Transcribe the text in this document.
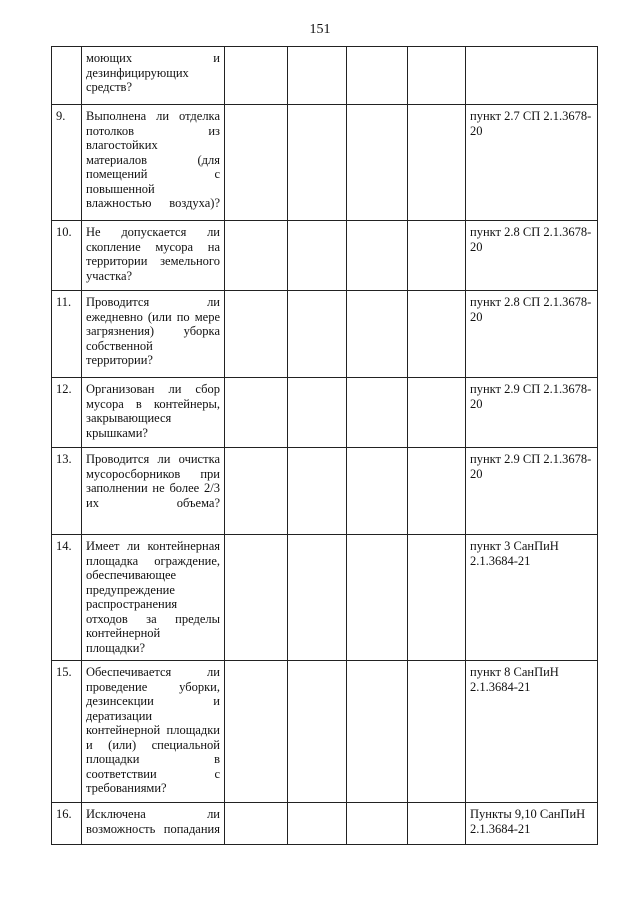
151
	моющих и дезинфицирующих средств?					
9.	Выполнена ли отделка потолков из влагостойких материалов (для помещений с повышенной влажностью воздуха)?					пункт 2.7 СП 2.1.3678-20
10.	Не допускается ли скопление мусора на территории земельного участка?					пункт 2.8 СП 2.1.3678-20
11.	Проводится ли ежедневно (или по мере загрязнения) уборка собственной территории?					пункт 2.8 СП 2.1.3678-20
12.	Организован ли сбор мусора в контейнеры, закрывающиеся крышками?					пункт 2.9 СП 2.1.3678-20
13.	Проводится ли очистка мусоросборников при заполнении не более 2/3 их объема?					пункт 2.9 СП 2.1.3678-20
14.	Имеет ли контейнерная площадка ограждение, обеспечивающее предупреждение распространения отходов за пределы контейнерной площадки?					пункт 3 СанПиН 2.1.3684-21
15.	Обеспечивается ли проведение уборки, дезинсекции и дератизации контейнерной площадки и (или) специальной площадки в соответствии с требованиями?					пункт 8 СанПиН 2.1.3684-21
16.	Исключена ли возможность попадания					Пункты 9,10 СанПиН 2.1.3684-21
